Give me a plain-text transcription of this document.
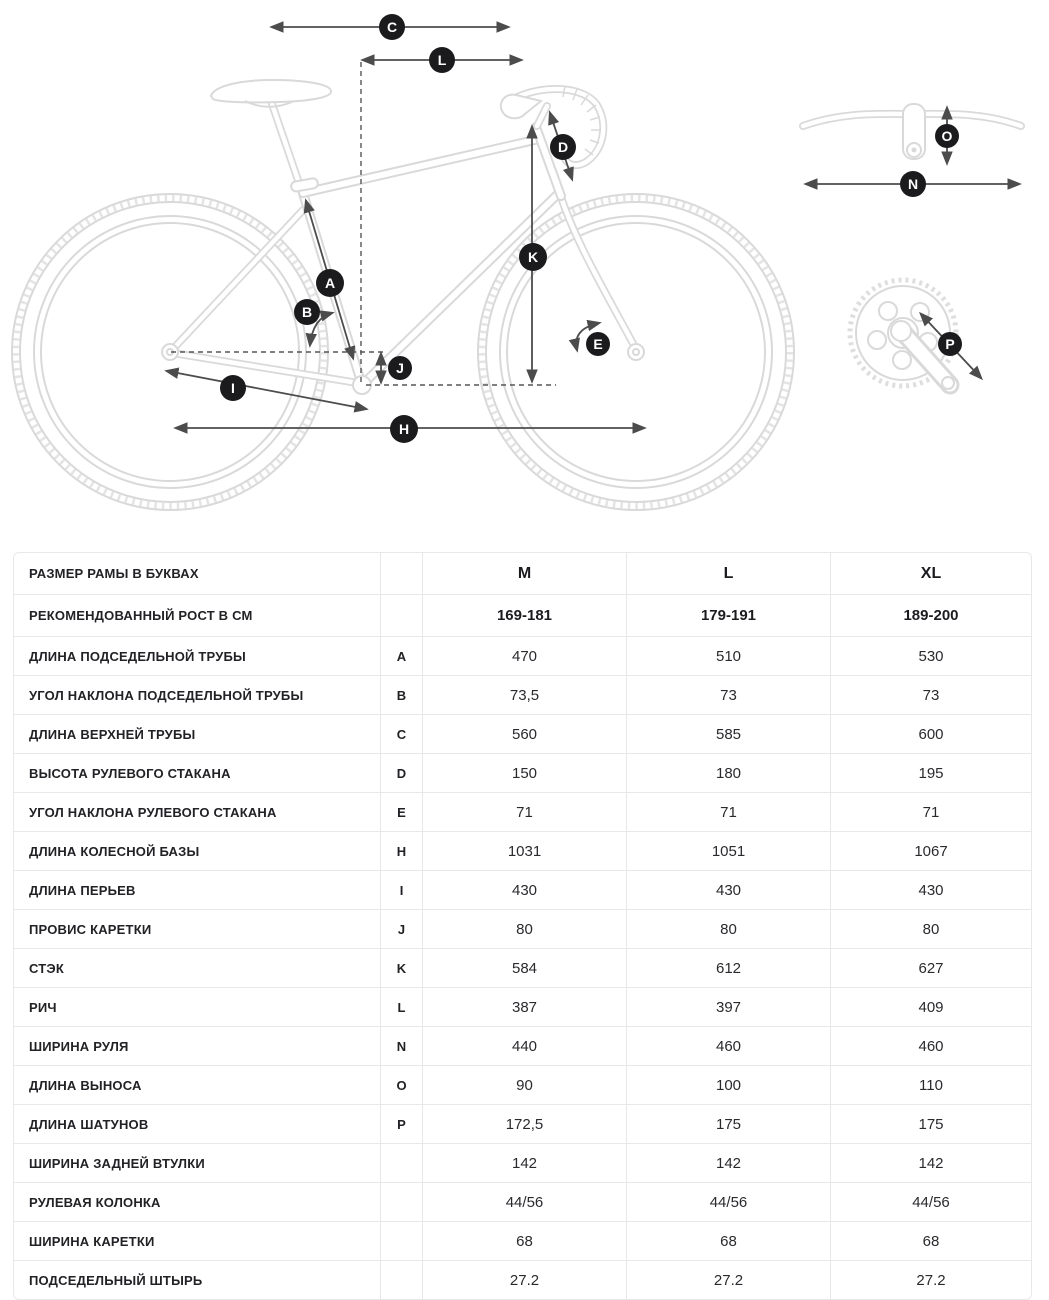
C
L
D
K
A
B
E
J
I
H
O
N
P
РАЗМЕР РАМЫ В БУКВАХ		M	L	XL
РЕКОМЕНДОВАННЫЙ РОСТ В СМ		169-181	179-191	189-200
ДЛИНА ПОДСЕДЕЛЬНОЙ ТРУБЫ	A	470	510	530
УГОЛ НАКЛОНА ПОДСЕДЕЛЬНОЙ ТРУБЫ	B	73,5	73	73
ДЛИНА ВЕРХНЕЙ ТРУБЫ	C	560	585	600
ВЫСОТА РУЛЕВОГО СТАКАНА	D	150	180	195
УГОЛ НАКЛОНА РУЛЕВОГО СТАКАНА	E	71	71	71
ДЛИНА КОЛЕСНОЙ БАЗЫ	H	1031	1051	1067
ДЛИНА ПЕРЬЕВ	I	430	430	430
ПРОВИС КАРЕТКИ	J	80	80	80
СТЭК	K	584	612	627
РИЧ	L	387	397	409
ШИРИНА РУЛЯ	N	440	460	460
ДЛИНА ВЫНОСА	O	90	100	110
ДЛИНА ШАТУНОВ	P	172,5	175	175
ШИРИНА ЗАДНЕЙ ВТУЛКИ		142	142	142
РУЛЕВАЯ КОЛОНКА		44/56	44/56	44/56
ШИРИНА КАРЕТКИ		68	68	68
ПОДСЕДЕЛЬНЫЙ ШТЫРЬ		27.2	27.2	27.2
